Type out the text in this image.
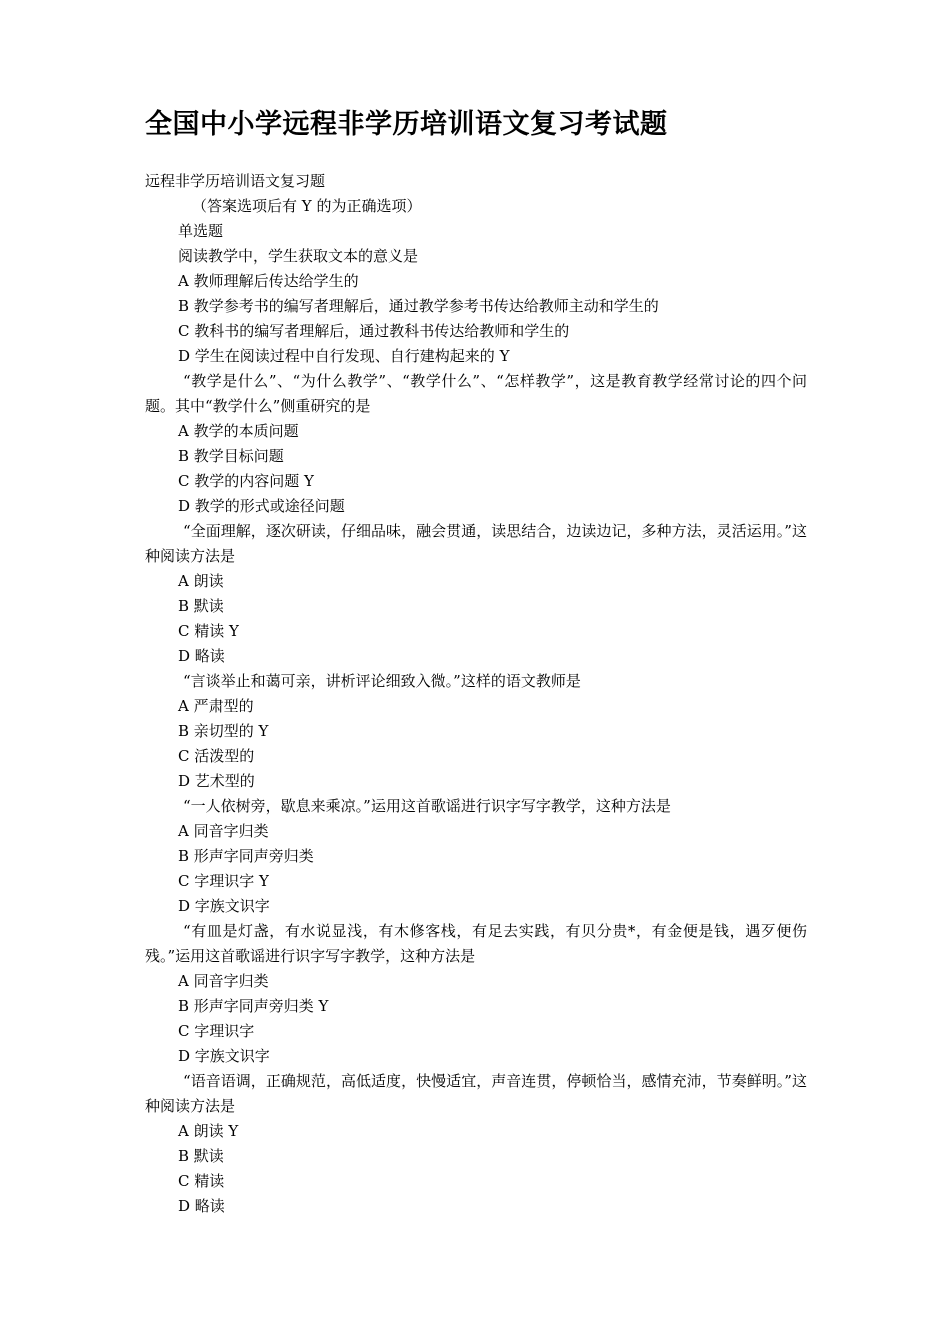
全国中小学远程非学历培训语文复习考试题
远程非学历培训语文复习题
（答案选项后有 Y 的为正确选项）
单选题
阅读教学中，学生获取文本的意义是
A 教师理解后传达给学生的
B 教学参考书的编写者理解后，通过教学参考书传达给教师主动和学生的
C 教科书的编写者理解后，通过教科书传达给教师和学生的
D 学生在阅读过程中自行发现、自行建构起来的 Y
“教学是什么”、“为什么教学”、“教学什么”、“怎样教学”，这是教育教学经常讨论的四个问题。其中“教学什么”侧重研究的是
A 教学的本质问题
B 教学目标问题
C 教学的内容问题 Y
D 教学的形式或途径问题
“全面理解，逐次研读，仔细品味，融会贯通，读思结合，边读边记，多种方法，灵活运用。”这种阅读方法是
A 朗读
B 默读
C 精读 Y
D 略读
“言谈举止和蔼可亲，讲析评论细致入微。”这样的语文教师是
A 严肃型的
B 亲切型的 Y
C 活泼型的
D 艺术型的
“一人依树旁，歇息来乘凉。”运用这首歌谣进行识字写字教学，这种方法是
A 同音字归类
B 形声字同声旁归类
C 字理识字 Y
D 字族文识字
“有皿是灯盏，有水说显浅，有木修客栈，有足去实践，有贝分贵*，有金便是钱，遇歹便伤残。”运用这首歌谣进行识字写字教学，这种方法是
A 同音字归类
B 形声字同声旁归类 Y
C 字理识字
D 字族文识字
“语音语调，正确规范，高低适度，快慢适宜，声音连贯，停顿恰当，感情充沛，节奏鲜明。”这种阅读方法是
A 朗读 Y
B 默读
C 精读
D 略读
